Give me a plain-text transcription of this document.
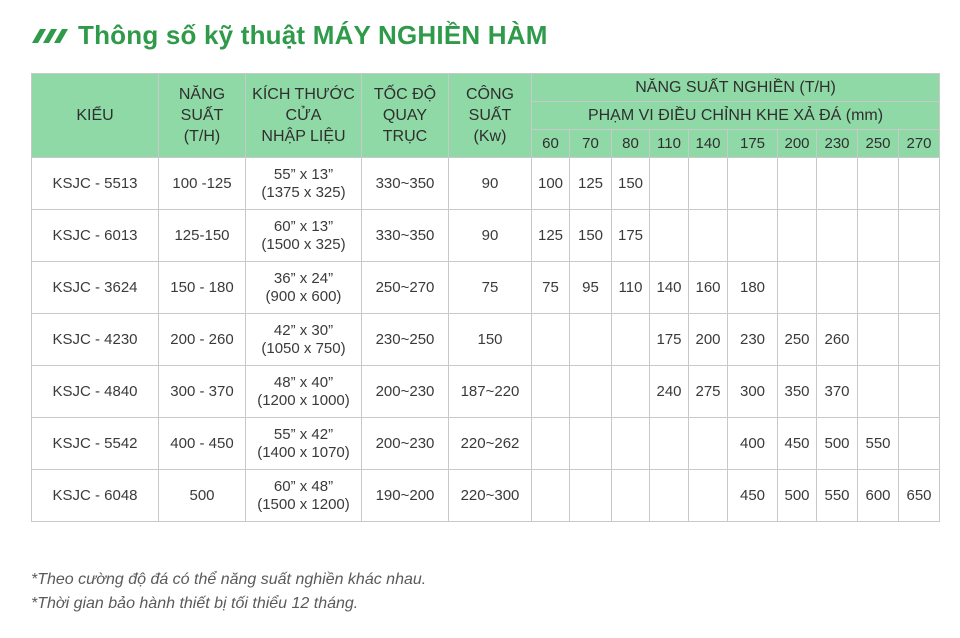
Thông số kỹ thuật MÁY NGHIỀN HÀM
KIỂU	NĂNG
SUẤT
(T/H)	KÍCH THƯỚC
CỬA
NHẬP LIỆU	TỐC ĐỘ
QUAY
TRỤC	CÔNG
SUẤT
(Kw)	NĂNG SUẤT NGHIỀN (T/H)									
					PHẠM VI ĐIỀU CHỈNH KHE XẢ ĐÁ (mm)									
					60	70	80	110	140	175	200	230	250	270
KSJC - 5513	100 -125	55” x 13”
(1375 x 325)	330~350	90	100	125	150							
KSJC - 6013	125-150	60” x 13”
(1500 x 325)	330~350	90	125	150	175							
KSJC - 3624	150 - 180	36” x 24”
(900 x 600)	250~270	75	75	95	110	140	160	180				
KSJC - 4230	200 - 260	42” x 30”
(1050 x 750)	230~250	150				175	200	230	250	260		
KSJC - 4840	300 - 370	48” x 40”
(1200 x 1000)	200~230	187~220				240	275	300	350	370		
KSJC - 5542	400 - 450	55” x 42”
(1400 x 1070)	200~230	220~262						400	450	500	550	
KSJC - 6048	500	60” x 48”
(1500 x 1200)	190~200	220~300						450	500	550	600	650
*Theo cường độ đá có thể năng suất nghiền khác nhau.
*Thời gian bảo hành thiết bị tối thiểu 12 tháng.
